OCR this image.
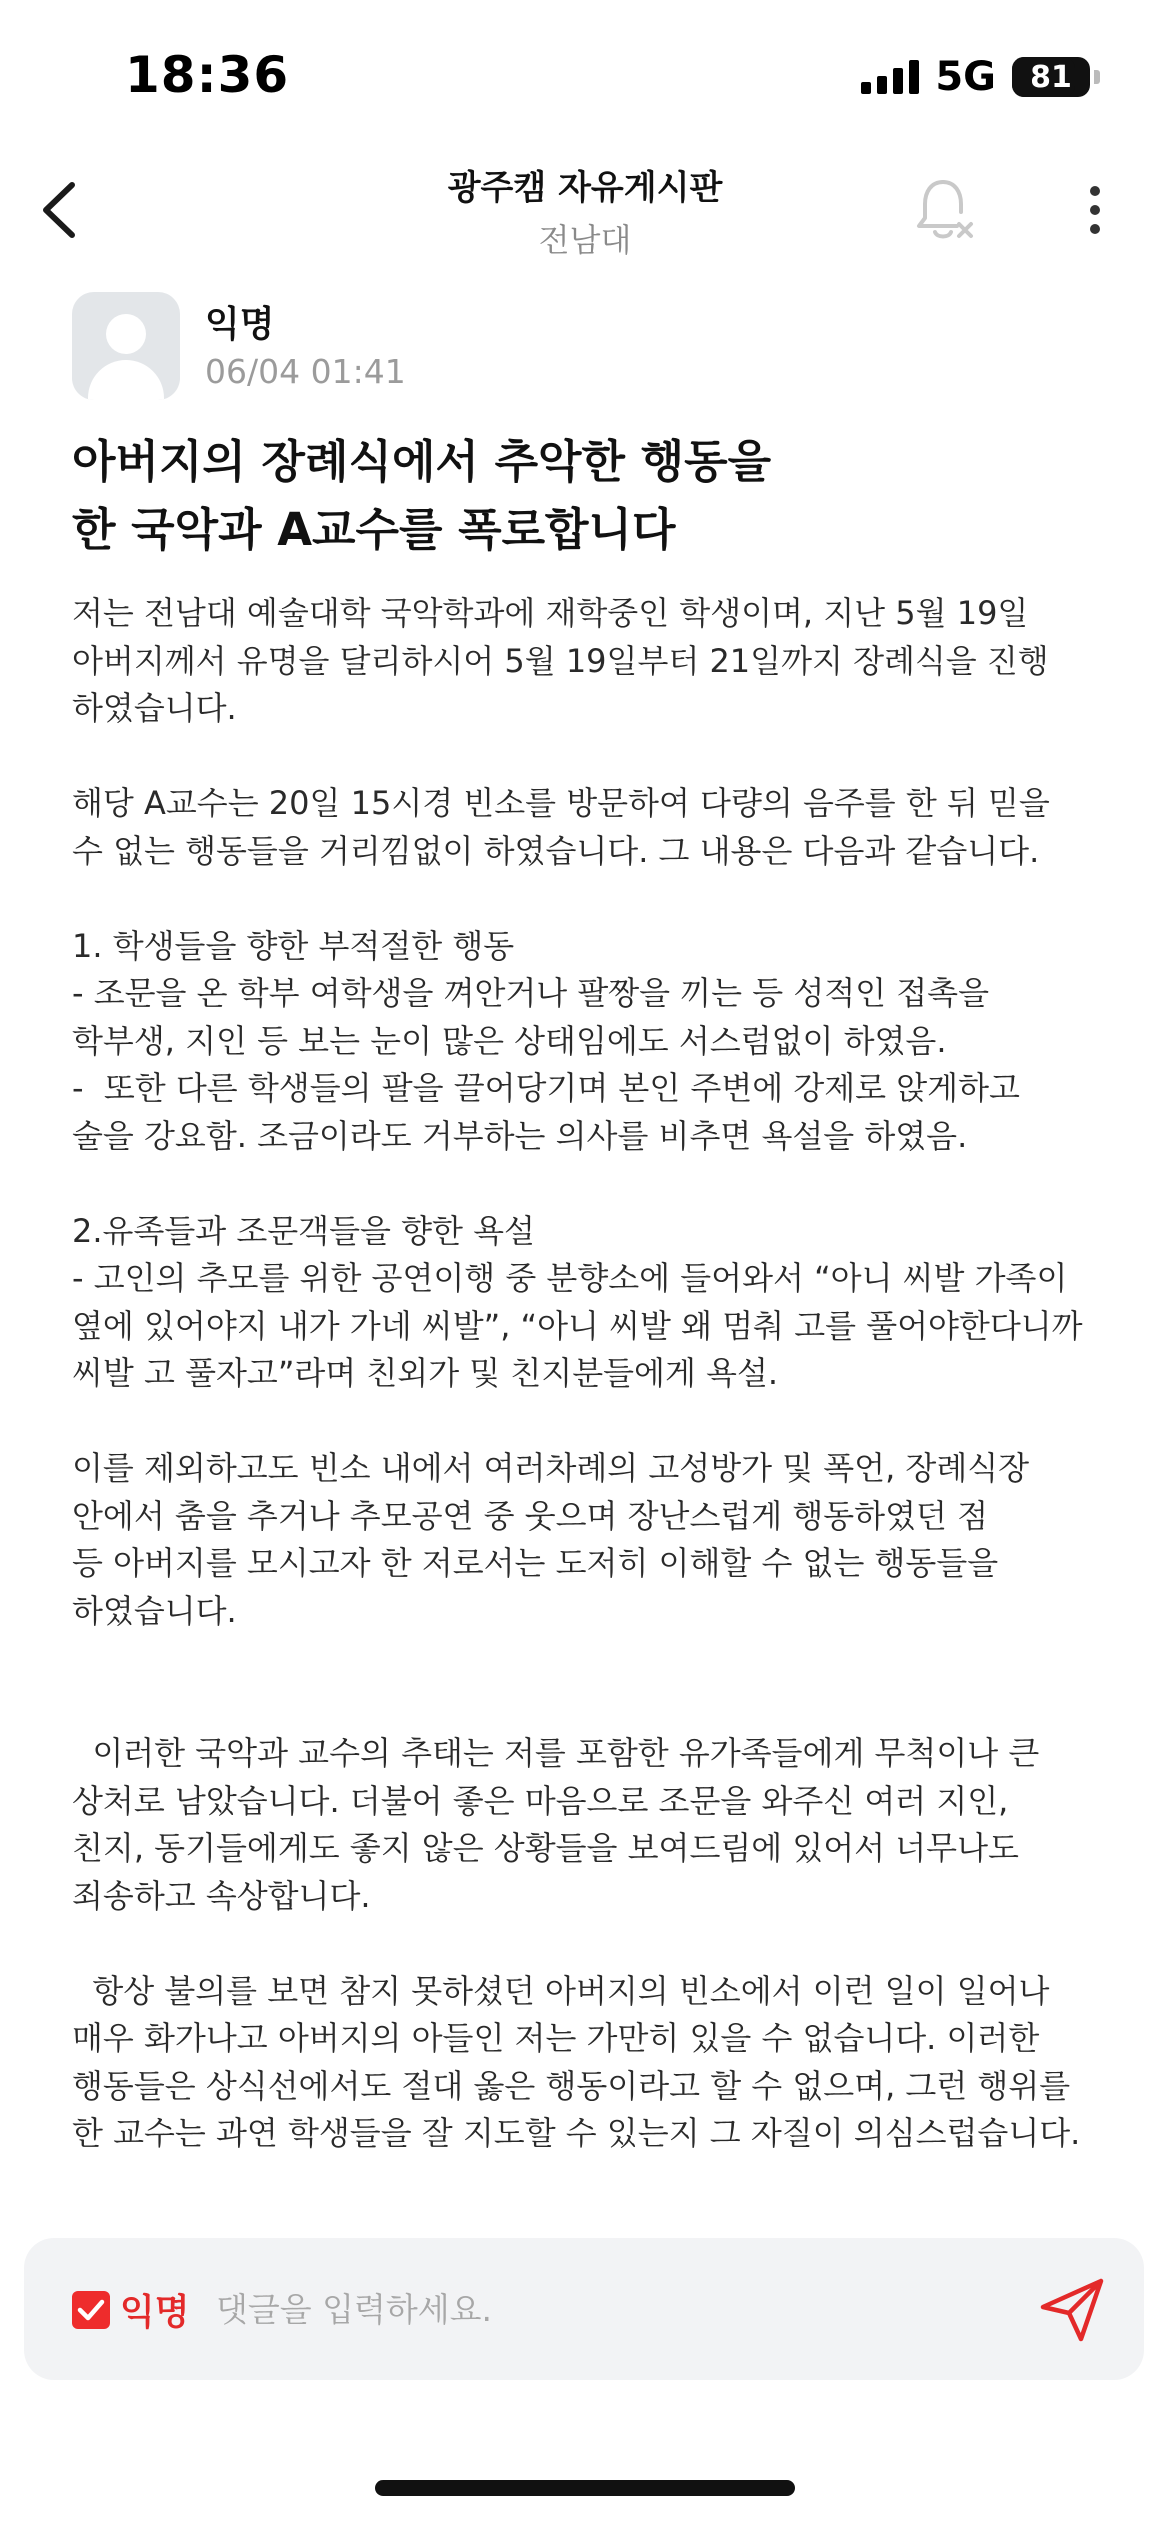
18:36	5G 81
광주캠 자유게시판
전남대
익명
06/04 01:41
아버지의 장례식에서 추악한 행동을
한 국악과 A교수를 폭로합니다
저는 전남대 예술대학 국악학과에 재학중인 학생이며, 지난 5월 19일
아버지께서 유명을 달리하시어 5월 19일부터 21일까지 장례식을 진행
하였습니다.
해당 A교수는 20일 15시경 빈소를 방문하여 다량의 음주를 한 뒤 믿을
수 없는 행동들을 거리낌없이 하였습니다. 그 내용은 다음과 같습니다.
1. 학생들을 향한 부적절한 행동
- 조문을 온 학부 여학생을 껴안거나 팔짱을 끼는 등 성적인 접촉을
학부생, 지인 등 보는 눈이 많은 상태임에도 서스럼없이 하였음.
-  또한 다른 학생들의 팔을 끌어당기며 본인 주변에 강제로 앉게하고
술을 강요함. 조금이라도 거부하는 의사를 비추면 욕설을 하였음.
2.유족들과 조문객들을 향한 욕설
- 고인의 추모를 위한 공연이행 중 분향소에 들어와서 “아니 씨발 가족이
옆에 있어야지 내가 가네 씨발”, “아니 씨발 왜 멈춰 고를 풀어야한다니까
씨발 고 풀자고”라며 친외가 및 친지분들에게 욕설.
이를 제외하고도 빈소 내에서 여러차례의 고성방가 및 폭언, 장례식장
안에서 춤을 추거나 추모공연 중 웃으며 장난스럽게 행동하였던 점
등 아버지를 모시고자 한 저로서는 도저히 이해할 수 없는 행동들을
하였습니다.
이러한 국악과 교수의 추태는 저를 포함한 유가족들에게 무척이나 큰
상처로 남았습니다. 더불어 좋은 마음으로 조문을 와주신 여러 지인,
친지, 동기들에게도 좋지 않은 상황들을 보여드림에 있어서 너무나도
죄송하고 속상합니다.
항상 불의를 보면 참지 못하셨던 아버지의 빈소에서 이런 일이 일어나
매우 화가나고 아버지의 아들인 저는 가만히 있을 수 없습니다. 이러한
행동들은 상식선에서도 절대 옳은 행동이라고 할 수 없으며, 그런 행위를
한 교수는 과연 학생들을 잘 지도할 수 있는지 그 자질이 의심스럽습니다.
익명
댓글을 입력하세요.
